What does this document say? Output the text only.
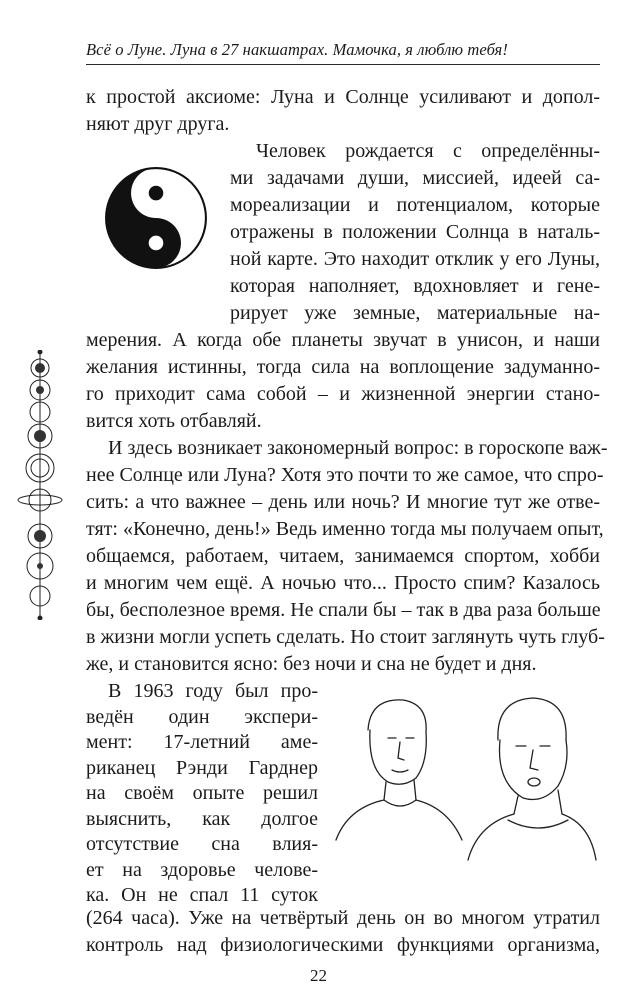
Всё о Луне. Луна в 27 накшатрах. Мамочка, я люблю тебя!
к простой аксиоме: Луна и Солнце усиливают и допол-
няют друг друга.
Человек рождается с определённы-
ми задачами души, миссией, идеей са-
мореализации и потенциалом, которые
отражены в положении Солнца в наталь-
ной карте. Это находит отклик у его Луны,
которая наполняет, вдохновляет и гене-
рирует уже земные, материальные на-
мерения. А когда обе планеты звучат в унисон, и наши
желания истинны, тогда сила на воплощение задуманно-
го приходит сама собой – и жизненной энергии стано-
вится хоть отбавляй.
И здесь возникает закономерный вопрос: в гороскопе важ-
нее Солнце или Луна? Хотя это почти то же самое, что спро-
сить: а что важнее – день или ночь? И многие тут же отве-
тят: «Конечно, день!» Ведь именно тогда мы получаем опыт,
общаемся, работаем, читаем, занимаемся спортом, хобби
и многим чем ещё. А ночью что... Просто спим? Казалось
бы, бесполезное время. Не спали бы – так в два раза больше
в жизни могли успеть сделать. Но стоит заглянуть чуть глуб-
же, и становится ясно: без ночи и сна не будет и дня.
В 1963 году был про-
ведён один экспери-
мент: 17-летний аме-
риканец Рэнди Гарднер
на своём опыте решил
выяснить, как долгое
отсутствие сна влия-
ет на здоровье челове-
ка. Он не спал 11 суток
(264 часа). Уже на четвёртый день он во многом утратил
контроль над физиологическими функциями организма,
22
